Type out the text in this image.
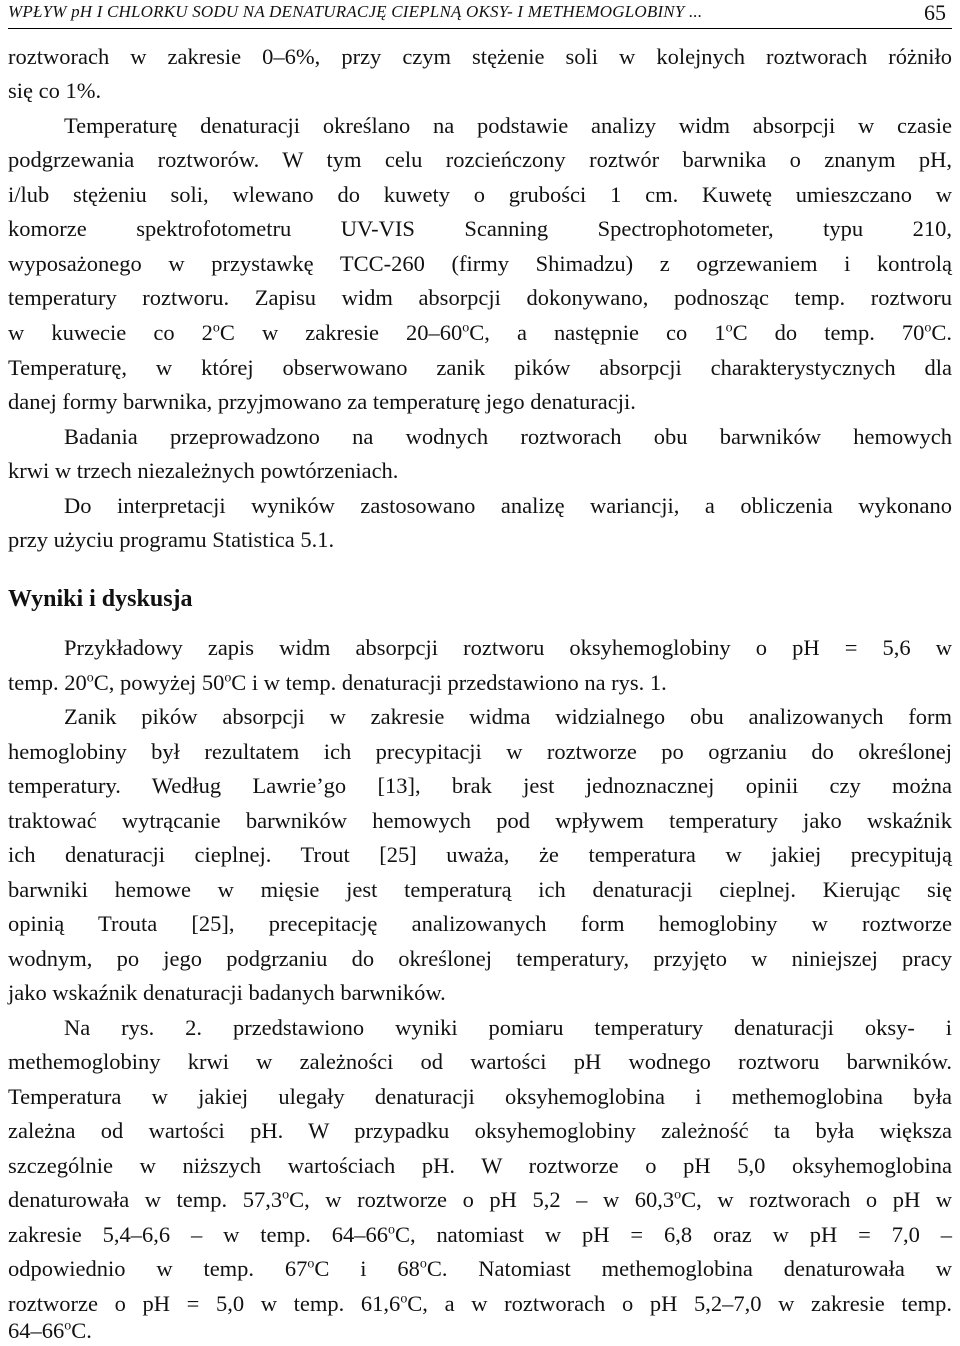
WPŁYW pH I CHLORKU SODU NA DENATURACJĘ CIEPLNĄ OKSY- I METHEMOGLOBINY ...	65
roztworach w zakresie 0–6%, przy czym stężenie soli w kolejnych roztworach różniło
się co 1%.
Temperaturę denaturacji określano na podstawie analizy widm absorpcji w czasie
podgrzewania roztworów. W tym celu rozcieńczony roztwór barwnika o znanym pH,
i/lub stężeniu soli, wlewano do kuwety o grubości 1 cm. Kuwetę umieszczano w
komorze spektrofotometru UV-VIS Scanning Spectrophotometer, typu 210,
wyposażonego w przystawkę TCC-260 (firmy Shimadzu) z ogrzewaniem i kontrolą
temperatury roztworu. Zapisu widm absorpcji dokonywano, podnosząc temp. roztworu
w kuwecie co 2$^o$C w zakresie 20–60$^o$C, a następnie co 1$^o$C do temp. 70$^o$C.
Temperaturę, w której obserwowano zanik pików absorpcji charakterystycznych dla
danej formy barwnika, przyjmowano za temperaturę jego denaturacji.
Badania przeprowadzono na wodnych roztworach obu barwników hemowych
krwi w trzech niezależnych powtórzeniach.
Do interpretacji wyników zastosowano analizę wariancji, a obliczenia wykonano
przy użyciu programu Statistica 5.1.
Wyniki i dyskusja
Przykładowy zapis widm absorpcji roztworu oksyhemoglobiny o pH = 5,6 w
temp. 20$^o$C, powyżej 50$^o$C i w temp. denaturacji przedstawiono na rys. 1.
Zanik pików absorpcji w zakresie widma widzialnego obu analizowanych form
hemoglobiny był rezultatem ich precypitacji w roztworze po ogrzaniu do określonej
temperatury. Według Lawrie’go [13], brak jest jednoznacznej opinii czy można
traktować wytrącanie barwników hemowych pod wpływem temperatury jako wskaźnik
ich denaturacji cieplnej. Trout [25] uważa, że temperatura w jakiej precypitują
barwniki hemowe w mięsie jest temperaturą ich denaturacji cieplnej. Kierując się
opinią Trouta [25], precepitację analizowanych form hemoglobiny w roztworze
wodnym, po jego podgrzaniu do określonej temperatury, przyjęto w niniejszej pracy
jako wskaźnik denaturacji badanych barwników.
Na rys. 2. przedstawiono wyniki pomiaru temperatury denaturacji oksy- i
methemoglobiny krwi w zależności od wartości pH wodnego roztworu barwników.
Temperatura w jakiej ulegały denaturacji oksyhemoglobina i methemoglobina była
zależna od wartości pH. W przypadku oksyhemoglobiny zależność ta była większa
szczególnie w niższych wartościach pH. W roztworze o pH 5,0 oksyhemoglobina
denaturowała w temp. 57,3$^o$C, w roztworze o pH 5,2 – w 60,3$^o$C, w roztworach o pH w
zakresie 5,4–6,6 – w temp. 64–66$^o$C, natomiast w pH = 6,8 oraz w pH = 7,0 –
odpowiednio w temp. 67$^o$C i 68$^o$C. Natomiast methemoglobina denaturowała w
roztworze o pH = 5,0 w temp. 61,6$^o$C, a w roztworach o pH 5,2–7,0 w zakresie temp.
64–66$^o$C.
